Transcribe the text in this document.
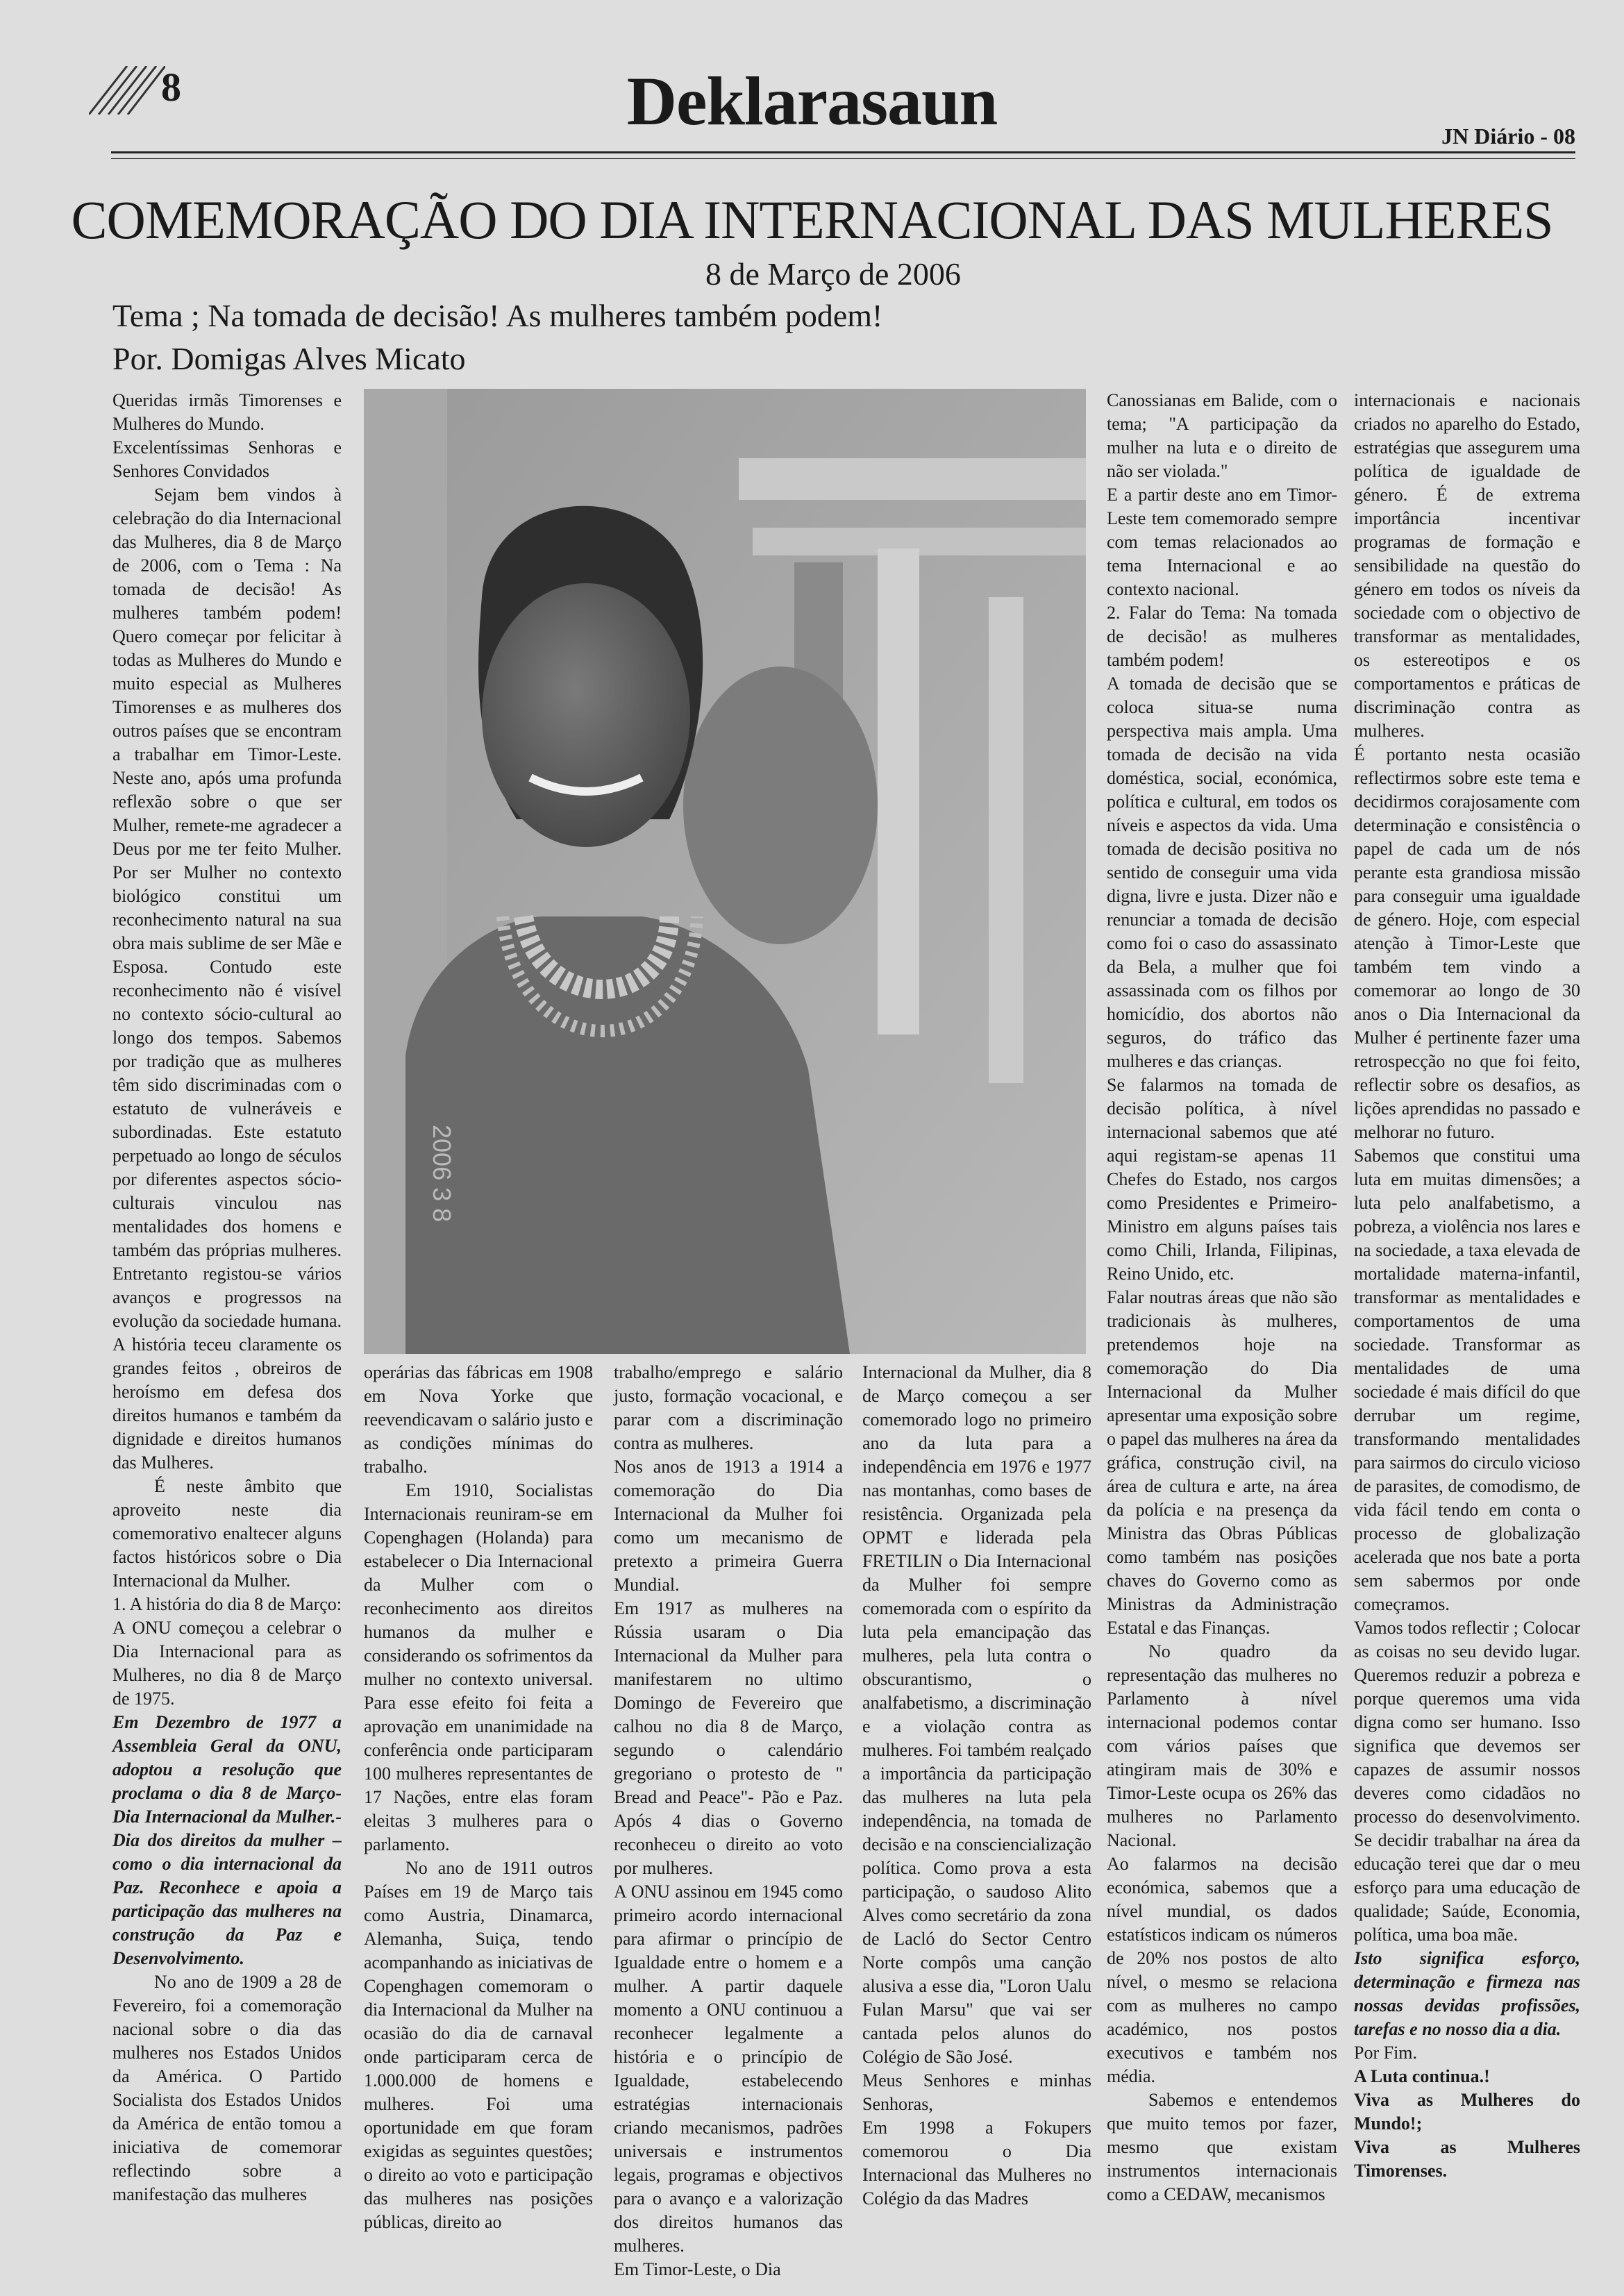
8	Deklarasaun	JN Diário - 08
COMEMORAÇÃO DO DIA INTERNACIONAL DAS MULHERES
8 de Março de 2006
Tema ; Na tomada de decisão! As mulheres também podem!
Por. Domigas Alves Micato
2006 3 8

Queridas irmãs Timorenses e Mulheres do Mundo.

Excelentíssimas Senhoras e Senhores Convidados

Sejam bem vindos à celebração do dia Internacional das Mulheres, dia 8 de Março de 2006, com o Tema : Na tomada de decisão! As mulheres também podem! Quero começar por felicitar à todas as Mulheres do Mundo e muito especial as Mulheres Timorenses e as mulheres dos outros países que se encontram a trabalhar em Timor-Leste. Neste ano, após uma profunda reflexão sobre o que ser Mulher, remete-me agradecer a Deus por me ter feito Mulher. Por ser Mulher no contexto biológico constitui um reconhecimento natural na sua obra mais sublime de ser Mãe e Esposa. Contudo este reconhecimento não é visível no contexto sócio-cultural ao longo dos tempos. Sabemos por tradição que as mulheres têm sido discriminadas com o estatuto de vulneráveis e subordinadas. Este estatuto perpetuado ao longo de séculos por diferentes aspectos sócio-culturais vinculou nas mentalidades dos homens e também das próprias mulheres. Entretanto registou-se vários avanços e progressos na evolução da sociedade humana. A história teceu claramente os grandes feitos , obreiros de heroísmo em defesa dos direitos humanos e também da dignidade e direitos humanos das Mulheres.

É neste âmbito que aproveito neste dia comemorativo enaltecer alguns factos históricos sobre o Dia Internacional da Mulher.

1. A história do dia 8 de Março: A ONU começou a celebrar o Dia Internacional para as Mulheres, no dia 8 de Março de 1975.

Em Dezembro de 1977 a Assembleia Geral da ONU, adoptou a resolução que proclama o dia 8 de Março-Dia Internacional da Mulher.- Dia dos direitos da mulher – como o dia internacional da Paz. Reconhece e apoia a participação das mulheres na construção da Paz e Desenvolvimento.

No ano de 1909 a 28 de Fevereiro, foi a comemoração nacional sobre o dia das mulheres nos Estados Unidos da América. O Partido Socialista dos Estados Unidos da América de então tomou a iniciativa de comemorar reflectindo sobre a manifestação das mulheres

operárias das fábricas em 1908 em Nova Yorke que reevendicavam o salário justo e as condições mínimas do trabalho.

Em 1910, Socialistas Internacionais reuniram-se em Copenghagen (Holanda) para estabelecer o Dia Internacional da Mulher com o reconhecimento aos direitos humanos da mulher e considerando os sofrimentos da mulher no contexto universal. Para esse efeito foi feita a aprovação em unanimidade na conferência onde participaram 100 mulheres representantes de 17 Nações, entre elas foram eleitas 3 mulheres para o parlamento.

No ano de 1911 outros Países em 19 de Março tais como Austria, Dinamarca, Alemanha, Suiça, tendo acompanhando as iniciativas de Copenghagen comemoram o dia Internacional da Mulher na ocasião do dia de carnaval onde participaram cerca de 1.000.000 de homens e mulheres. Foi uma oportunidade em que foram exigidas as seguintes questões; o direito ao voto e participação das mulheres nas posições públicas, direito ao

trabalho/emprego e salário justo, formação vocacional, e parar com a discriminação contra as mulheres.

Nos anos de 1913 a 1914 a comemoração do Dia Internacional da Mulher foi como um mecanismo de pretexto a primeira Guerra Mundial.

Em 1917 as mulheres na Rússia usaram o Dia Internacional da Mulher para manifestarem no ultimo Domingo de Fevereiro que calhou no dia 8 de Março, segundo o calendário gregoriano o protesto de " Bread and Peace"- Pão e Paz. Após 4 dias o Governo reconheceu o direito ao voto por mulheres.

A ONU assinou em 1945 como primeiro acordo internacional para afirmar o princípio de Igualdade entre o homem e a mulher. A partir daquele momento a ONU continuou a reconhecer legalmente a história e o princípio de Igualdade, estabelecendo estratégias internacionais criando mecanismos, padrões universais e instrumentos legais, programas e objectivos para o avanço e a valorização dos direitos humanos das mulheres.

Em Timor-Leste, o Dia

Internacional da Mulher, dia 8 de Março começou a ser comemorado logo no primeiro ano da luta para a independência em 1976 e 1977 nas montanhas, como bases de resistência. Organizada pela OPMT e liderada pela FRETILIN o Dia Internacional da Mulher foi sempre comemorada com o espírito da luta pela emancipação das mulheres, pela luta contra o obscurantismo, o analfabetismo, a discriminação e a violação contra as mulheres. Foi também realçado a importância da participação das mulheres na luta pela independência, na tomada de decisão e na consciencialização política. Como prova a esta participação, o saudoso Alito Alves como secretário da zona de Lacló do Sector Centro Norte compôs uma canção alusiva a esse dia, "Loron Ualu Fulan Marsu" que vai ser cantada pelos alunos do Colégio de São José.

Meus Senhores e minhas Senhoras,

Em 1998 a Fokupers comemorou o Dia Internacional das Mulheres no Colégio da das Madres

Canossianas em Balide, com o tema; "A participação da mulher na luta e o direito de não ser violada."

E a partir deste ano em Timor-Leste tem comemorado sempre com temas relacionados ao tema Internacional e ao contexto nacional.

2. Falar do Tema: Na tomada de decisão! as mulheres também podem!

A tomada de decisão que se coloca situa-se numa perspectiva mais ampla. Uma tomada de decisão na vida doméstica, social, económica, política e cultural, em todos os níveis e aspectos da vida. Uma tomada de decisão positiva no sentido de conseguir uma vida digna, livre e justa. Dizer não e renunciar a tomada de decisão como foi o caso do assassinato da Bela, a mulher que foi assassinada com os filhos por homicídio, dos abortos não seguros, do tráfico das mulheres e das crianças.

Se falarmos na tomada de decisão política, à nível internacional sabemos que até aqui registam-se apenas 11 Chefes do Estado, nos cargos como Presidentes e Primeiro-Ministro em alguns países tais como Chili, Irlanda, Filipinas, Reino Unido, etc.

Falar noutras áreas que não são tradicionais às mulheres, pretendemos hoje na comemoração do Dia Internacional da Mulher apresentar uma exposição sobre o papel das mulheres na área da gráfica, construção civil, na área de cultura e arte, na área da polícia e na presença da Ministra das Obras Públicas como também nas posições chaves do Governo como as Ministras da Administração Estatal e das Finanças.

No quadro da representação das mulheres no Parlamento à nível internacional podemos contar com vários países que atingiram mais de 30% e Timor-Leste ocupa os 26% das mulheres no Parlamento Nacional.

Ao falarmos na decisão económica, sabemos que a nível mundial, os dados estatísticos indicam os números de 20% nos postos de alto nível, o mesmo se relaciona com as mulheres no campo académico, nos postos executivos e também nos média.

Sabemos e entendemos que muito temos por fazer, mesmo que existam instrumentos internacionais como a CEDAW, mecanismos

internacionais e nacionais criados no aparelho do Estado, estratégias que assegurem uma política de igualdade de género. É de extrema importância incentivar programas de formação e sensibilidade na questão do género em todos os níveis da sociedade com o objectivo de transformar as mentalidades, os estereotipos e os comportamentos e práticas de discriminação contra as mulheres.

É portanto nesta ocasião reflectirmos sobre este tema e decidirmos corajosamente com determinação e consistência o papel de cada um de nós perante esta grandiosa missão para conseguir uma igualdade de género. Hoje, com especial atenção à Timor-Leste que também tem vindo a comemorar ao longo de 30 anos o Dia Internacional da Mulher é pertinente fazer uma retrospecção no que foi feito, reflectir sobre os desafios, as lições aprendidas no passado e melhorar no futuro.

Sabemos que constitui uma luta em muitas dimensões; a luta pelo analfabetismo, a pobreza, a violência nos lares e na sociedade, a taxa elevada de mortalidade materna-infantil, transformar as mentalidades e comportamentos de uma sociedade. Transformar as mentalidades de uma sociedade é mais difícil do que derrubar um regime, transformando mentalidades para sairmos do circulo vicioso de parasites, de comodismo, de vida fácil tendo em conta o processo de globalização acelerada que nos bate a porta sem sabermos por onde começramos.

Vamos todos reflectir ; Colocar as coisas no seu devido lugar. Queremos reduzir a pobreza e porque queremos uma vida digna como ser humano. Isso significa que devemos ser capazes de assumir nossos deveres como cidadãos no processo do desenvolvimento. Se decidir trabalhar na área da educação terei que dar o meu esforço para uma educação de qualidade; Saúde, Economia, política, uma boa mãe.

Isto significa esforço, determinação e firmeza nas nossas devidas profissões, tarefas e no nosso dia a dia.

Por Fim.

A Luta continua.!

Viva as Mulheres do Mundo!;

Viva as Mulheres Timorenses.
